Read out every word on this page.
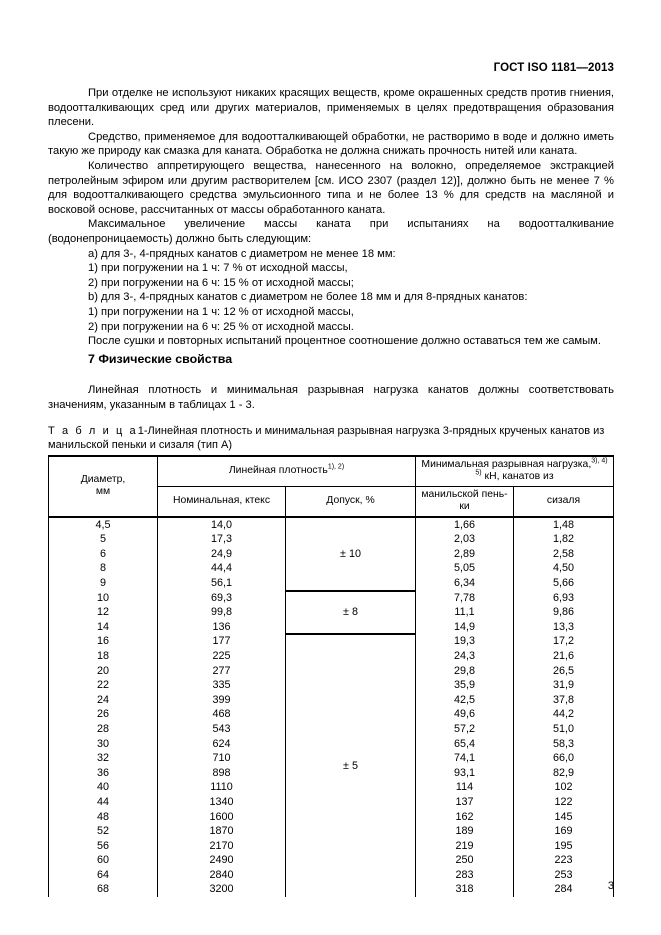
ГОСТ ISO 1181—2013

При отделке не используют никаких красящих веществ, кроме окрашенных средств против гниения, водоотталкивающих сред или других материалов, применяемых в целях предотвращения образования плесени.

Средство, применяемое для водоотталкивающей обработки, не растворимо в воде и должно иметь такую же природу как смазка для каната. Обработка не должна снижать прочность нитей или каната.

Количество аппретирующего вещества, нанесенного на волокно, определяемое экстракцией петролейным эфиром или другим растворителем [см. ИСО 2307 (раздел 12)], должно быть не менее 7 % для водоотталкивающего средства эмульсионного типа и не более 13 % для средств на масляной и восковой основе, рассчитанных от массы обработанного каната.

Максимальное увеличение массы каната при испытаниях на водоотталкивание (водонепроницаемость) должно быть следующим:

a) для 3-, 4-прядных канатов с диаметром не менее 18 мм:

1) при погружении на 1 ч: 7 % от исходной массы,

2) при погружении на 6 ч: 15 % от исходной массы;

b) для 3-, 4-прядных канатов с диаметром не более 18 мм и для 8-прядных канатов:

1) при погружении на 1 ч: 12 % от исходной массы,

2) при погружении на 6 ч: 25 % от исходной массы.

После сушки и повторных испытаний процентное соотношение должно оставаться тем же самым.

7 Физические свойства

Линейная плотность и минимальная разрывная нагрузка канатов должны соответствовать значениям, указанным в таблицах 1 - 3.

Т а б л и ц а1-Линейная плотность и минимальная разрывная нагрузка 3-прядных крученых канатов из манильской пеньки и сизаля (тип А)
Диаметр,
мм	Линейная плотность$^{1), 2)}$		Минимальная разрывная нагрузка,$^{3), 4)}$
$^{5)}$ кН, канатов из	
	Номинальная, ктекс	Допуск, %	манильской пень-
ки	сизаля
4,5	14,0	± 10	1,66	1,48
5	17,3		2,03	1,82
6	24,9		2,89	2,58
8	44,4		5,05	4,50
9	56,1		6,34	5,66
10	69,3	± 8	7,78	6,93
12	99,8		11,1	9,86
14	136		14,9	13,3
16	177	± 5	19,3	17,2
18	225		24,3	21,6
20	277		29,8	26,5
22	335		35,9	31,9
24	399		42,5	37,8
26	468		49,6	44,2
28	543		57,2	51,0
30	624		65,4	58,3
32	710		74,1	66,0
36	898		93,1	82,9
40	1110		114	102
44	1340		137	122
48	1600		162	145
52	1870		189	169
56	2170		219	195
60	2490		250	223
64	2840		283	253
68	3200		318	284	3
